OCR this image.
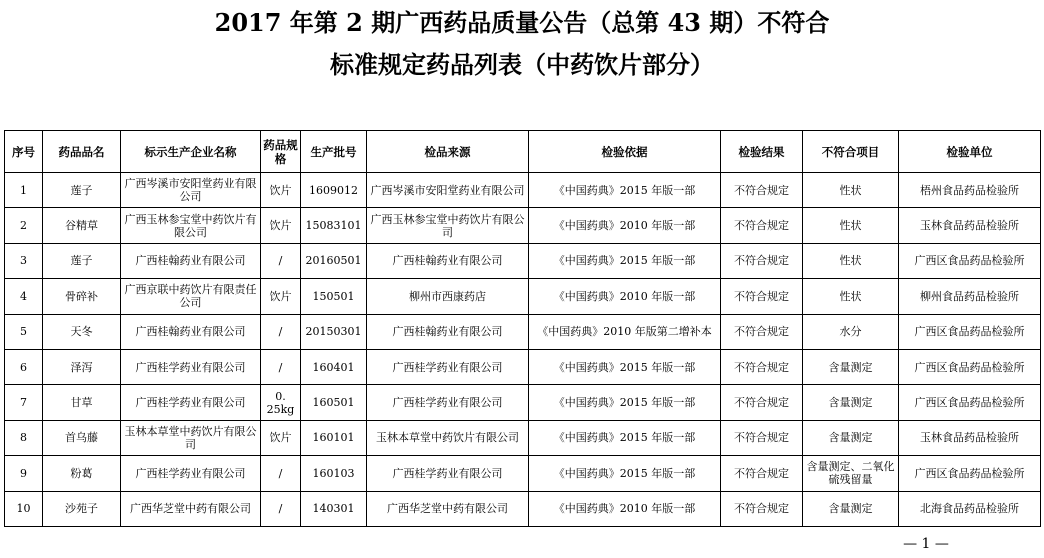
2017 年第 2 期广西药品质量公告（总第 43 期）不符合
标准规定药品列表（中药饮片部分）
序号	药品品名	标示生产企业名称	药品规格	生产批号	检品来源	检验依据	检验结果	不符合项目	检验单位
1	莲子	广西岑溪市安阳堂药业有限公司	饮片	1609012	广西岑溪市安阳堂药业有限公司	《中国药典》2015 年版一部	不符合规定	性状	梧州食品药品检验所
2	谷精草	广西玉林参宝堂中药饮片有限公司	饮片	15083101	广西玉林参宝堂中药饮片有限公司	《中国药典》2010 年版一部	不符合规定	性状	玉林食品药品检验所
3	莲子	广西桂翰药业有限公司	/	20160501	广西桂翰药业有限公司	《中国药典》2015 年版一部	不符合规定	性状	广西区食品药品检验所
4	骨碎补	广西京联中药饮片有限责任公司	饮片	150501	柳州市西康药店	《中国药典》2010 年版一部	不符合规定	性状	柳州食品药品检验所
5	天冬	广西桂翰药业有限公司	/	20150301	广西桂翰药业有限公司	《中国药典》2010 年版第二增补本	不符合规定	水分	广西区食品药品检验所
6	泽泻	广西桂学药业有限公司	/	160401	广西桂学药业有限公司	《中国药典》2015 年版一部	不符合规定	含量测定	广西区食品药品检验所
7	甘草	广西桂学药业有限公司	0. 25kg	160501	广西桂学药业有限公司	《中国药典》2015 年版一部	不符合规定	含量测定	广西区食品药品检验所
8	首乌藤	玉林本草堂中药饮片有限公司	饮片	160101	玉林本草堂中药饮片有限公司	《中国药典》2015 年版一部	不符合规定	含量测定	玉林食品药品检验所
9	粉葛	广西桂学药业有限公司	/	160103	广西桂学药业有限公司	《中国药典》2015 年版一部	不符合规定	含量测定、二氧化硫残留量	广西区食品药品检验所
10	沙苑子	广西华芝堂中药有限公司	/	140301	广西华芝堂中药有限公司	《中国药典》2010 年版一部	不符合规定	含量测定	北海食品药品检验所
— 1 —
